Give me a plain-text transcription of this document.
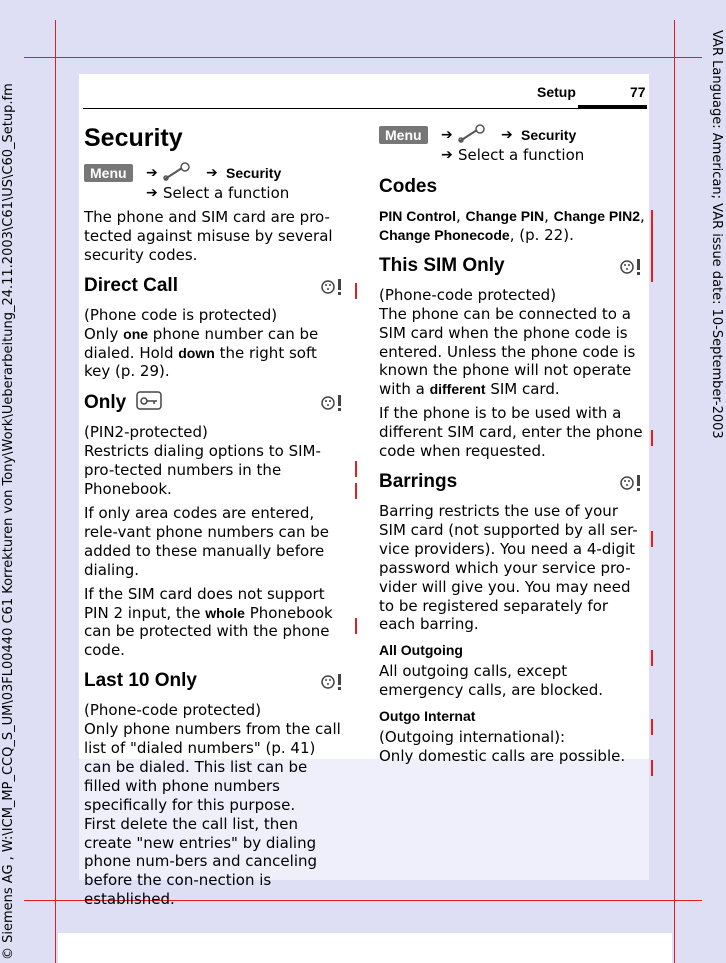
© Siemens AG , W:\ICM_MP_CCQ_S_UM\03FL00440 C61 Korrekturen von Tony\Work\Ueberarbeitung_24.11.2003\C61\US\C60_Setup.fm	VAR Language: American; VAR issue date: 10-September-2003
Setup	77
Security
Menu	➔	➔ Security
➔ Select a function

The phone and SIM card are pro-tected against misuse by several security codes.

Direct Call

(Phone code is protected)

Only one phone number can be dialed. Hold down the right soft key (p. 29).

Only

(PIN2-protected)

Restricts dialing options to SIM-pro-tected numbers in the Phonebook.

If only area codes are entered, rele-vant phone numbers can be added to these manually before dialing.

If the SIM card does not support PIN 2 input, the whole Phonebook can be protected with the phone code.

Last 10 Only

(Phone-code protected)

Only phone numbers from the call list of "dialed numbers" (p. 41) can be dialed. This list can be filled with phone numbers specifically for this purpose.

First delete the call list, then create "new entries" by dialing phone num-bers and canceling before the con-nection is established.

Menu	➔	➔ Security
➔ Select a function
Codes

PIN Control, Change PIN, Change PIN2,
Change Phonecode, (p. 22).

This SIM Only

(Phone-code protected)

The phone can be connected to a SIM card when the phone code is entered. Unless the phone code is known the phone will not operate with a different SIM card.

If the phone is to be used with a different SIM card, enter the phone code when requested.

Barrings

Barring restricts the use of your SIM card (not supported by all ser-vice providers). You need a 4-digit password which your service pro-vider will give you. You may need to be registered separately for each barring.

All Outgoing

All outgoing calls, except emergency calls, are blocked.

Outgo Internat

(Outgoing international):

Only domestic calls are possible.
